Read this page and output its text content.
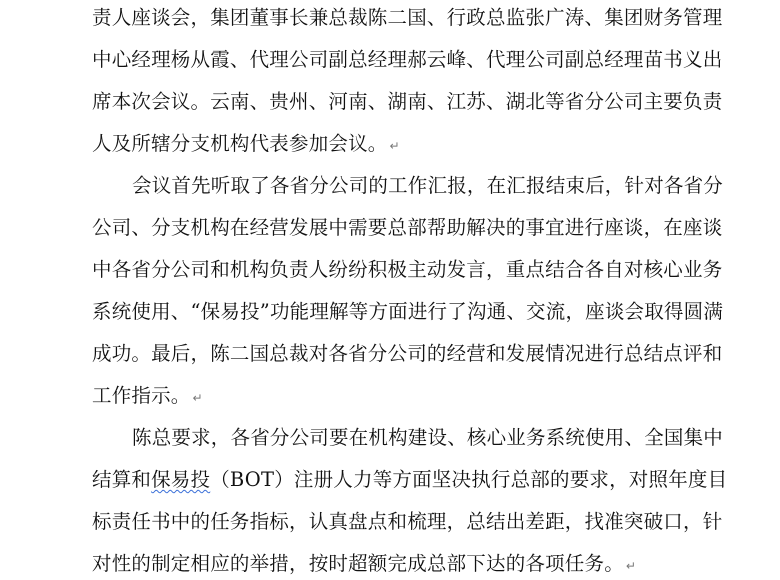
责人座谈会，集团董事长兼总裁陈二国、行政总监张广涛、集团财务管理
中心经理杨从霞、代理公司副总经理郝云峰、代理公司副总经理苗书义出
席本次会议。云南、贵州、河南、湖南、江苏、湖北等省分公司主要负责
人及所辖分支机构代表参加会议。 ↵
会议首先听取了各省分公司的工作汇报，在汇报结束后，针对各省分
公司、分支机构在经营发展中需要总部帮助解决的事宜进行座谈，在座谈
中各省分公司和机构负责人纷纷积极主动发言，重点结合各自对核心业务
系统使用、“保易投”功能理解等方面进行了沟通、交流，座谈会取得圆满
成功。最后，陈二国总裁对各省分公司的经营和发展情况进行总结点评和
工作指示。 ↵
陈总要求，各省分公司要在机构建设、核心业务系统使用、全国集中
结算和保易投（BOT）注册人力等方面坚决执行总部的要求，对照年度目
标责任书中的任务指标，认真盘点和梳理，总结出差距，找准突破口，针
对性的制定相应的举措，按时超额完成总部下达的各项任务。 ↵
